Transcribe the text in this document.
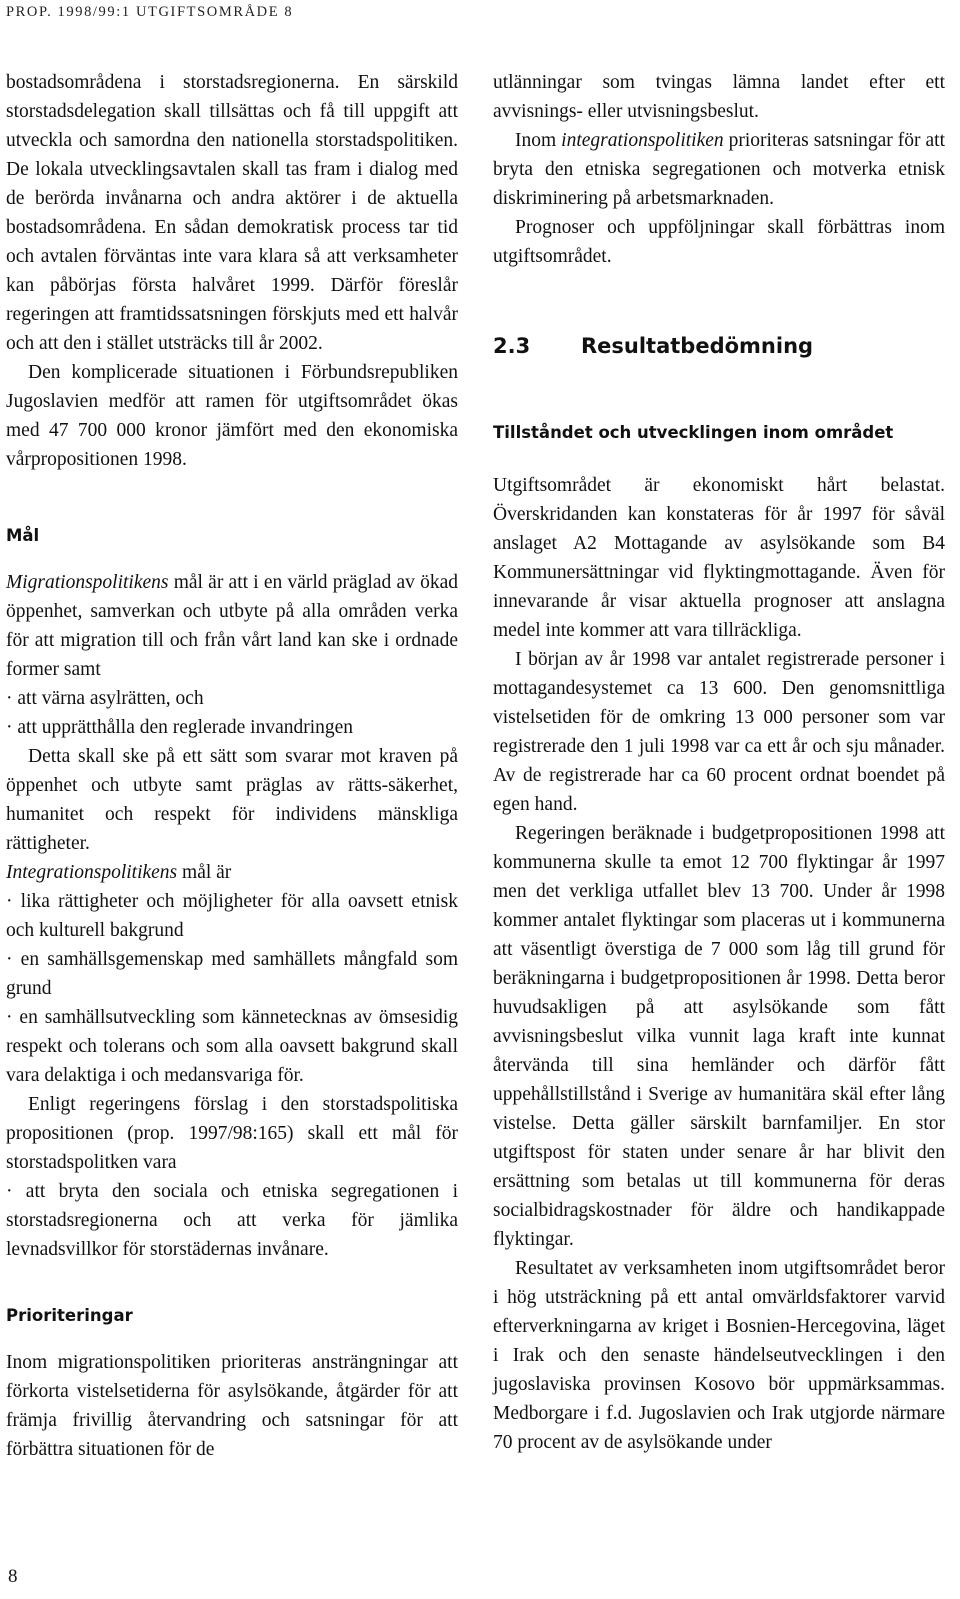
PROP. 1998/99:1 UTGIFTSOMRÅDE 8

bostadsområdena i storstadsregionerna. En särskild storstadsdelegation skall tillsättas och få till uppgift att utveckla och samordna den nationella storstadspolitiken. De lokala utvecklingsavtalen skall tas fram i dialog med de berörda invånarna och andra aktörer i de aktuella bostadsområdena. En sådan demokratisk process tar tid och avtalen förväntas inte vara klara så att verksamheter kan påbörjas första halvåret 1999. Därför föreslår regeringen att framtidssatsningen förskjuts med ett halvår och att den i stället utsträcks till år 2002.

Den komplicerade situationen i Förbundsrepubliken Jugoslavien medför att ramen för utgiftsområdet ökas med 47 700 000 kronor jämfört med den ekonomiska vårpropositionen 1998.

Mål

Migrationspolitikens mål är att i en värld präglad av ökad öppenhet, samverkan och utbyte på alla områden verka för att migration till och från vårt land kan ske i ordnade former samt

· att värna asylrätten, och

· att upprätthålla den reglerade invandringen

Detta skall ske på ett sätt som svarar mot kraven på öppenhet och utbyte samt präglas av rätts-säkerhet, humanitet och respekt för individens mänskliga rättigheter.

Integrationspolitikens mål är

· lika rättigheter och möjligheter för alla oavsett etnisk och kulturell bakgrund

· en samhällsgemenskap med samhällets mångfald som grund

· en samhällsutveckling som kännetecknas av ömsesidig respekt och tolerans och som alla oavsett bakgrund skall vara delaktiga i och medansvariga för.

Enligt regeringens förslag i den storstadspolitiska propositionen (prop. 1997/98:165) skall ett mål för storstadspolitken vara

· att bryta den sociala och etniska segregationen i storstadsregionerna och att verka för jämlika levnadsvillkor för storstädernas invånare.

Prioriteringar

Inom migrationspolitiken prioriteras ansträngningar att förkorta vistelsetiderna för asylsökande, åtgärder för att främja frivillig återvandring och satsningar för att förbättra situationen för de

utlänningar som tvingas lämna landet efter ett avvisnings- eller utvisningsbeslut.

Inom integrationspolitiken prioriteras satsningar för att bryta den etniska segregationen och motverka etnisk diskriminering på arbetsmarknaden.

Prognoser och uppföljningar skall förbättras inom utgiftsområdet.

2.3 Resultatbedömning
Tillståndet och utvecklingen inom området

Utgiftsområdet är ekonomiskt hårt belastat. Överskridanden kan konstateras för år 1997 för såväl anslaget A2 Mottagande av asylsökande som B4 Kommunersättningar vid flyktingmottagande. Även för innevarande år visar aktuella prognoser att anslagna medel inte kommer att vara tillräckliga.

I början av år 1998 var antalet registrerade personer i mottagandesystemet ca 13 600. Den genomsnittliga vistelsetiden för de omkring 13 000 personer som var registrerade den 1 juli 1998 var ca ett år och sju månader. Av de registrerade har ca 60 procent ordnat boendet på egen hand.

Regeringen beräknade i budgetpropositionen 1998 att kommunerna skulle ta emot 12 700 flyktingar år 1997 men det verkliga utfallet blev 13 700. Under år 1998 kommer antalet flyktingar som placeras ut i kommunerna att väsentligt överstiga de 7 000 som låg till grund för beräkningarna i budgetpropositionen år 1998. Detta beror huvudsakligen på att asylsökande som fått avvisningsbeslut vilka vunnit laga kraft inte kunnat återvända till sina hemländer och därför fått uppehållstillstånd i Sverige av humanitära skäl efter lång vistelse. Detta gäller särskilt barnfamiljer. En stor utgiftspost för staten under senare år har blivit den ersättning som betalas ut till kommunerna för deras socialbidragskostnader för äldre och handikappade flyktingar.

Resultatet av verksamheten inom utgiftsområdet beror i hög utsträckning på ett antal omvärldsfaktorer varvid efterverkningarna av kriget i Bosnien-Hercegovina, läget i Irak och den senaste händelseutvecklingen i den jugoslaviska provinsen Kosovo bör uppmärksammas. Medborgare i f.d. Jugoslavien och Irak utgjorde närmare 70 procent av de asylsökande under

8
